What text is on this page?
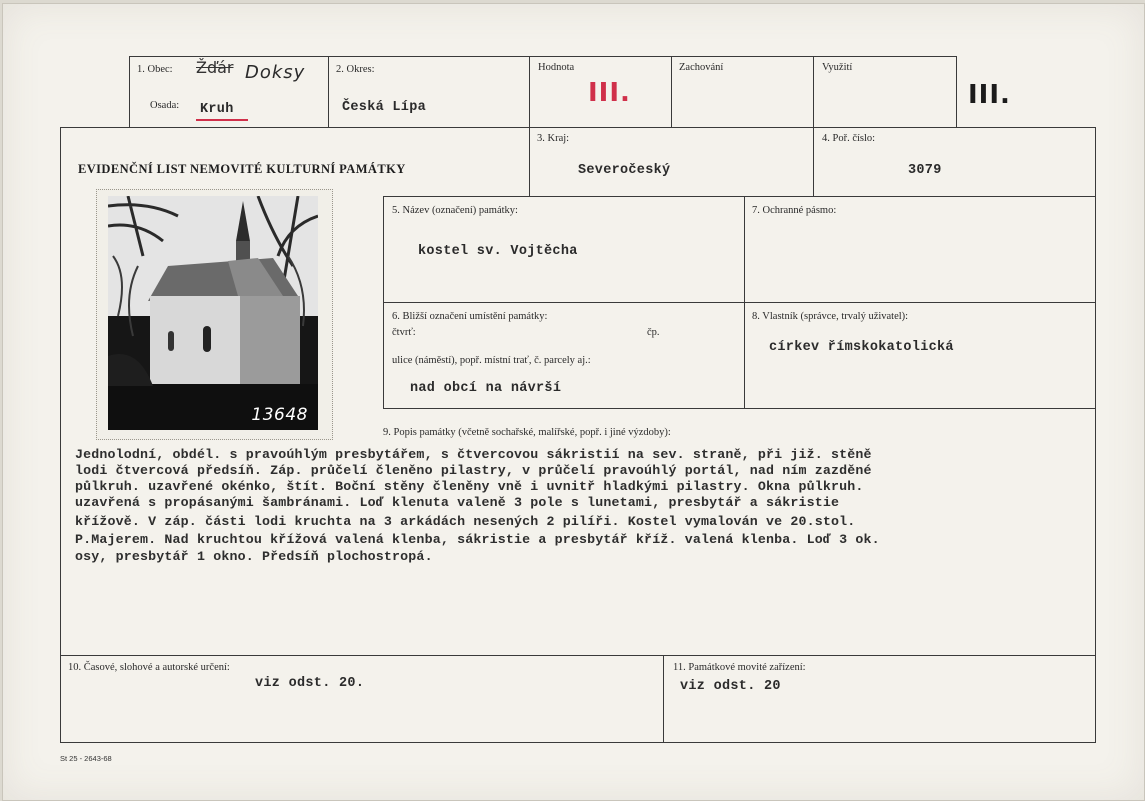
1. Obec: Žďár Doksy
Osada: Kruh
2. Okres:
Česká Lípa
Hodnota
III.
Zachování	Využití
III.
EVIDENČNÍ LIST NEMOVITÉ KULTURNÍ PAMÁTKY
3. Kraj:
Severočeský
4. Poř. číslo:
3079
5. Název (označení) památky:
kostel sv. Vojtěcha
7. Ochranné pásmo:
6. Bližší označení umístění památky:
čtvrť:	čp.
ulice (náměstí), popř. místní trať, č. parcely aj.:
nad obcí na návrší
8. Vlastník (správce, trvalý uživatel):
církev římskokatolická
13648
9. Popis památky (včetně sochařské, malířské, popř. i jiné výzdoby):
Jednolodní, obdél. s pravoúhlým presbytářem, s čtvercovou sákristií na sev. straně, při již. stěně
lodi čtvercová předsíň. Záp. průčelí členěno pilastry, v průčelí pravoúhlý portál, nad ním zazděné
půlkruh. uzavřené okénko, štít. Boční stěny členěny vně i uvnitř hladkými pilastry. Okna půlkruh.
uzavřená s propásanými šambránami. Loď klenuta valeně 3 pole s lunetami, presbytář a sákristie
křížově. V záp. části lodi kruchta na 3 arkádách nesených 2 pilíři. Kostel vymalován ve 20.stol.
P.Majerem. Nad kruchtou křížová valená klenba, sákristie a presbytář kříž. valená klenba. Loď 3 ok.
osy, presbytář 1 okno. Předsíň plochostropá.
10. Časové, slohové a autorské určení:
viz odst. 20.
11. Památkové movité zařízení:
viz odst. 20
St 25 - 2643-68
